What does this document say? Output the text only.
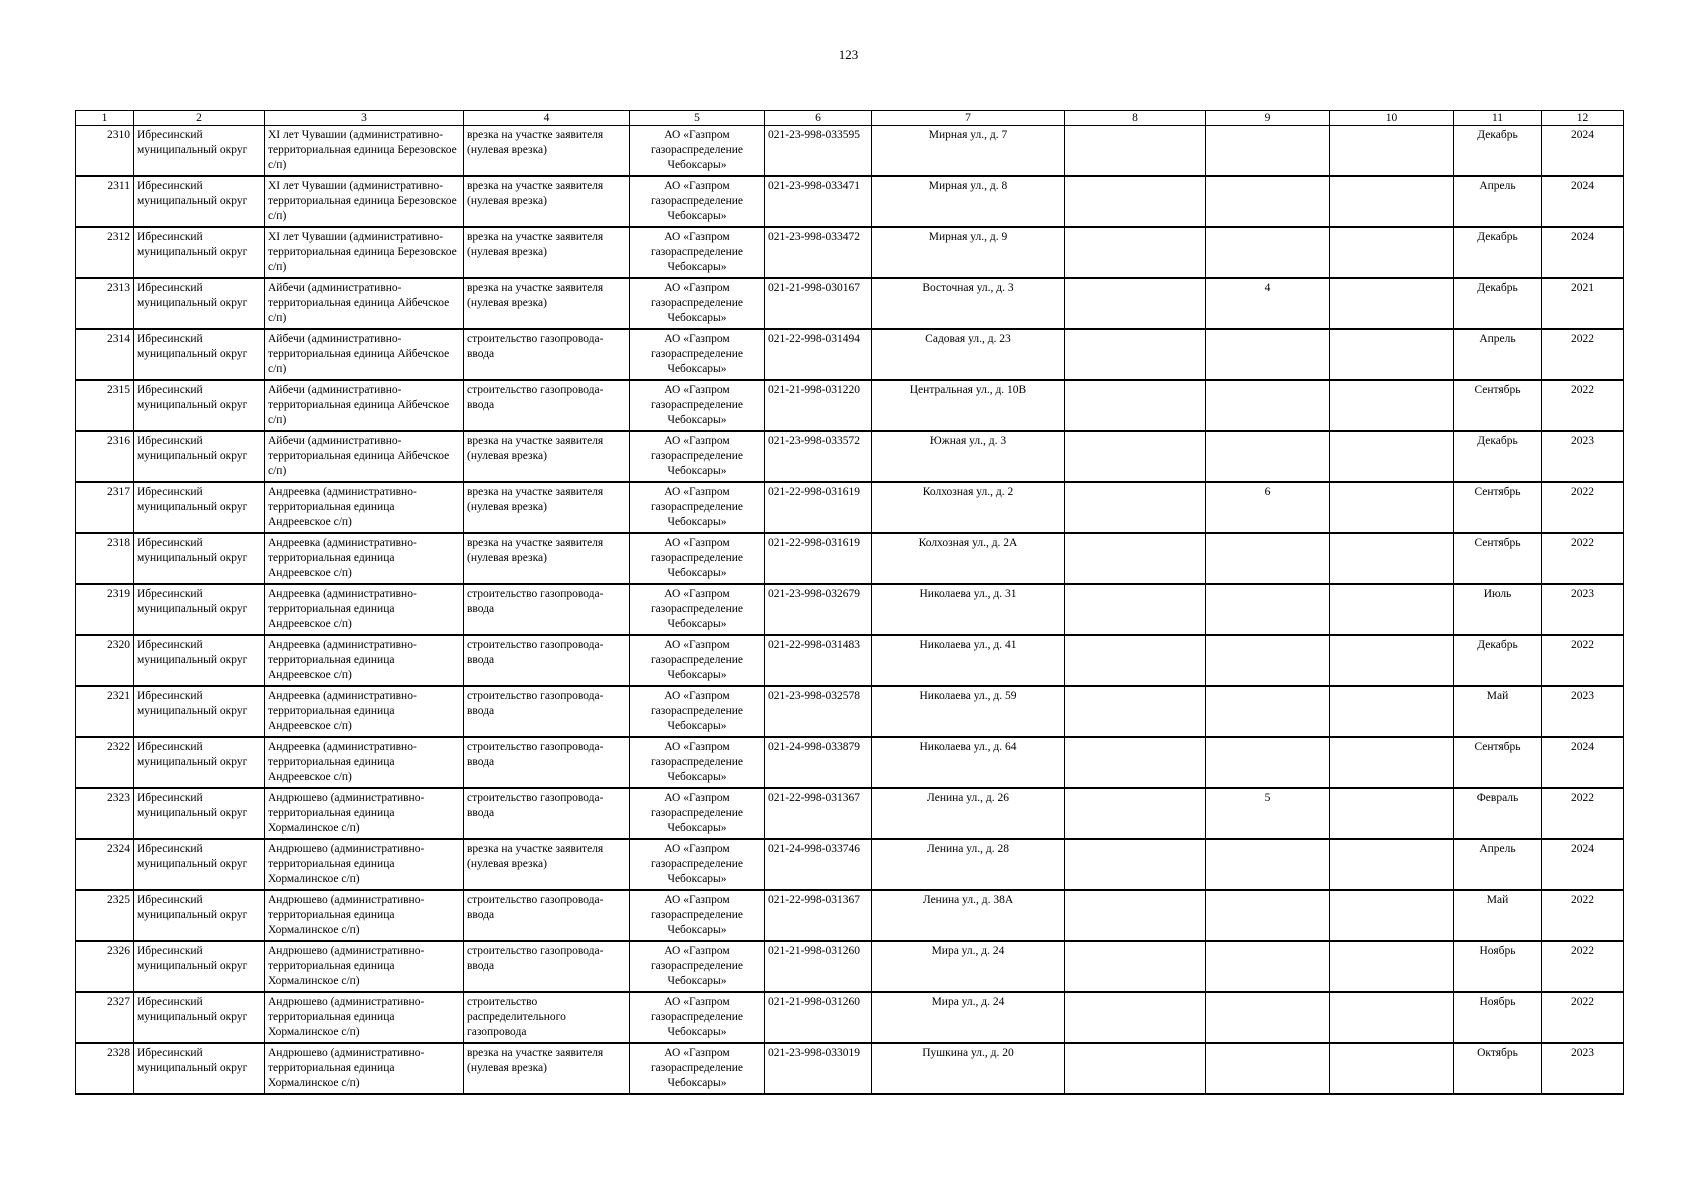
123
1	2	3	4	5	6	7	8	9	10	11	12
2310	Ибресинский муниципальный округ	XI лет Чувашии (административно-территориальная единица Березовское с/п)	врезка на участке заявителя (нулевая врезка)	АО «Газпром газораспределение Чебоксары»	021-23-998-033595	Мирная ул., д. 7				Декабрь	2024
2311	Ибресинский муниципальный округ	XI лет Чувашии (административно-территориальная единица Березовское с/п)	врезка на участке заявителя (нулевая врезка)	АО «Газпром газораспределение Чебоксары»	021-23-998-033471	Мирная ул., д. 8				Апрель	2024
2312	Ибресинский муниципальный округ	XI лет Чувашии (административно-территориальная единица Березовское с/п)	врезка на участке заявителя (нулевая врезка)	АО «Газпром газораспределение Чебоксары»	021-23-998-033472	Мирная ул., д. 9				Декабрь	2024
2313	Ибресинский муниципальный округ	Айбечи (административно-территориальная единица Айбечское с/п)	врезка на участке заявителя (нулевая врезка)	АО «Газпром газораспределение Чебоксары»	021-21-998-030167	Восточная ул., д. 3		4		Декабрь	2021
2314	Ибресинский муниципальный округ	Айбечи (административно-территориальная единица Айбечское с/п)	строительство газопровода-ввода	АО «Газпром газораспределение Чебоксары»	021-22-998-031494	Садовая ул., д. 23				Апрель	2022
2315	Ибресинский муниципальный округ	Айбечи (административно-территориальная единица Айбечское с/п)	строительство газопровода-ввода	АО «Газпром газораспределение Чебоксары»	021-21-998-031220	Центральная ул., д. 10В				Сентябрь	2022
2316	Ибресинский муниципальный округ	Айбечи (административно-территориальная единица Айбечское с/п)	врезка на участке заявителя (нулевая врезка)	АО «Газпром газораспределение Чебоксары»	021-23-998-033572	Южная ул., д. 3				Декабрь	2023
2317	Ибресинский муниципальный округ	Андреевка (административно-территориальная единица Андреевское с/п)	врезка на участке заявителя (нулевая врезка)	АО «Газпром газораспределение Чебоксары»	021-22-998-031619	Колхозная ул., д. 2		6		Сентябрь	2022
2318	Ибресинский муниципальный округ	Андреевка (административно-территориальная единица Андреевское с/п)	врезка на участке заявителя (нулевая врезка)	АО «Газпром газораспределение Чебоксары»	021-22-998-031619	Колхозная ул., д. 2А				Сентябрь	2022
2319	Ибресинский муниципальный округ	Андреевка (административно-территориальная единица Андреевское с/п)	строительство газопровода-ввода	АО «Газпром газораспределение Чебоксары»	021-23-998-032679	Николаева ул., д. 31				Июль	2023
2320	Ибресинский муниципальный округ	Андреевка (административно-территориальная единица Андреевское с/п)	строительство газопровода-ввода	АО «Газпром газораспределение Чебоксары»	021-22-998-031483	Николаева ул., д. 41				Декабрь	2022
2321	Ибресинский муниципальный округ	Андреевка (административно-территориальная единица Андреевское с/п)	строительство газопровода-ввода	АО «Газпром газораспределение Чебоксары»	021-23-998-032578	Николаева ул., д. 59				Май	2023
2322	Ибресинский муниципальный округ	Андреевка (административно-территориальная единица Андреевское с/п)	строительство газопровода-ввода	АО «Газпром газораспределение Чебоксары»	021-24-998-033879	Николаева ул., д. 64				Сентябрь	2024
2323	Ибресинский муниципальный округ	Андрюшево (административно-территориальная единица Хормалинское с/п)	строительство газопровода-ввода	АО «Газпром газораспределение Чебоксары»	021-22-998-031367	Ленина ул., д. 26		5		Февраль	2022
2324	Ибресинский муниципальный округ	Андрюшево (административно-территориальная единица Хормалинское с/п)	врезка на участке заявителя (нулевая врезка)	АО «Газпром газораспределение Чебоксары»	021-24-998-033746	Ленина ул., д. 28				Апрель	2024
2325	Ибресинский муниципальный округ	Андрюшево (административно-территориальная единица Хормалинское с/п)	строительство газопровода-ввода	АО «Газпром газораспределение Чебоксары»	021-22-998-031367	Ленина ул., д. 38А				Май	2022
2326	Ибресинский муниципальный округ	Андрюшево (административно-территориальная единица Хормалинское с/п)	строительство газопровода-ввода	АО «Газпром газораспределение Чебоксары»	021-21-998-031260	Мира ул., д. 24				Ноябрь	2022
2327	Ибресинский муниципальный округ	Андрюшево (административно-территориальная единица Хормалинское с/п)	строительство распределительного газопровода	АО «Газпром газораспределение Чебоксары»	021-21-998-031260	Мира ул., д. 24				Ноябрь	2022
2328	Ибресинский муниципальный округ	Андрюшево (административно-территориальная единица Хормалинское с/п)	врезка на участке заявителя (нулевая врезка)	АО «Газпром газораспределение Чебоксары»	021-23-998-033019	Пушкина ул., д. 20				Октябрь	2023
